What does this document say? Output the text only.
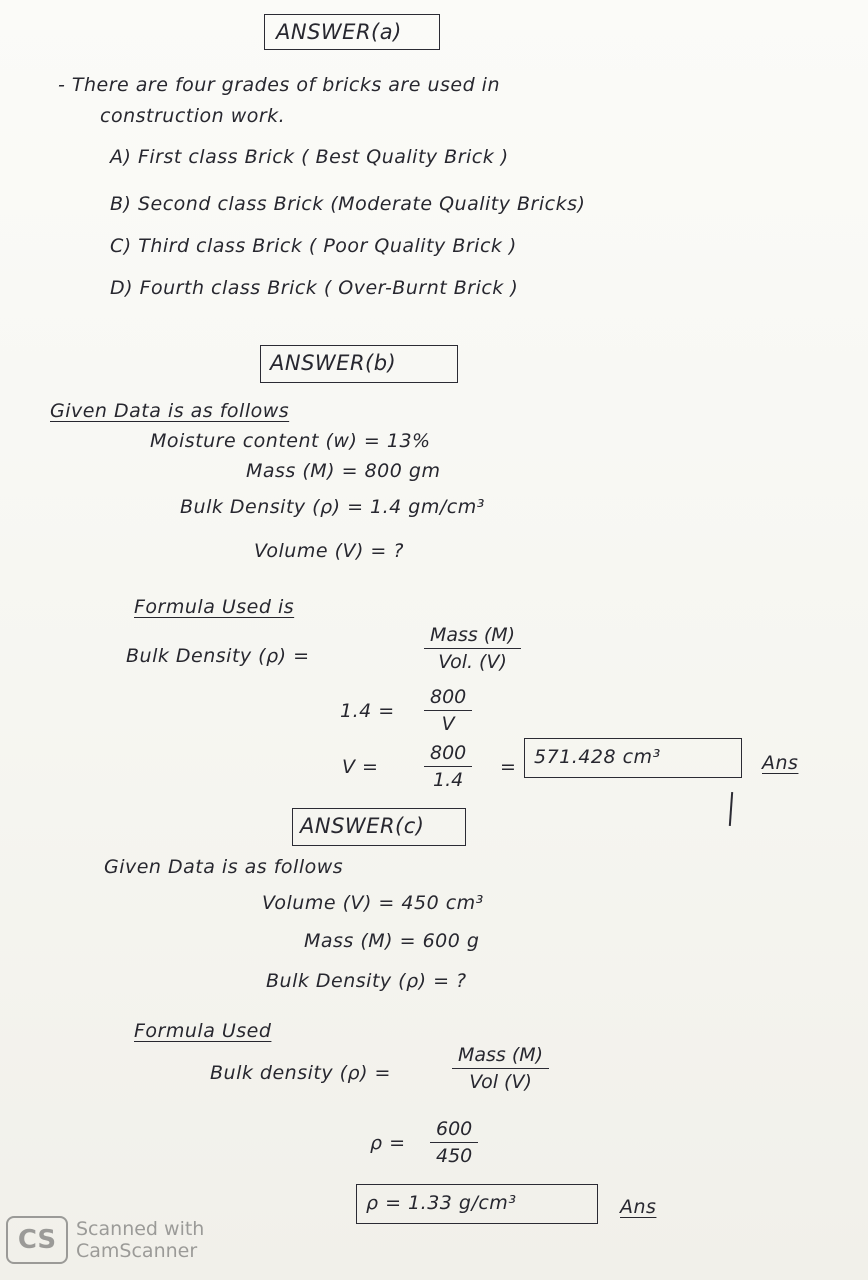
ANSWER(a)
- There are four grades of bricks are used in
construction work.
A) First class Brick ( Best Quality Brick )
B) Second class Brick (Moderate Quality Bricks)
C) Third class Brick ( Poor Quality Brick )
D) Fourth class Brick ( Over-Burnt Brick )
ANSWER(b)
Given Data is as follows
Moisture content (w) = 13%
Mass (M) = 800 gm
Bulk Density (ρ) = 1.4 gm/cm³
Volume (V) = ?
Formula Used is
Bulk Density (ρ) =
Mass (M)
Vol. (V)
$1.4 = \frac{800}{V}$
$V = \frac{800}{1.4} = 571.428$ cm³	Ans
ANSWER(c)
Given Data is as follows
Volume (V) = 450 cm³
Mass (M) = 600 g
Bulk Density (ρ) = ?
Formula Used
Bulk density (ρ) =
Mass (M)
Vol (V)
$\rho = \frac{600}{450}$
ρ = 1.33 g/cm³	Ans
CS	Scanned with
CamScanner
